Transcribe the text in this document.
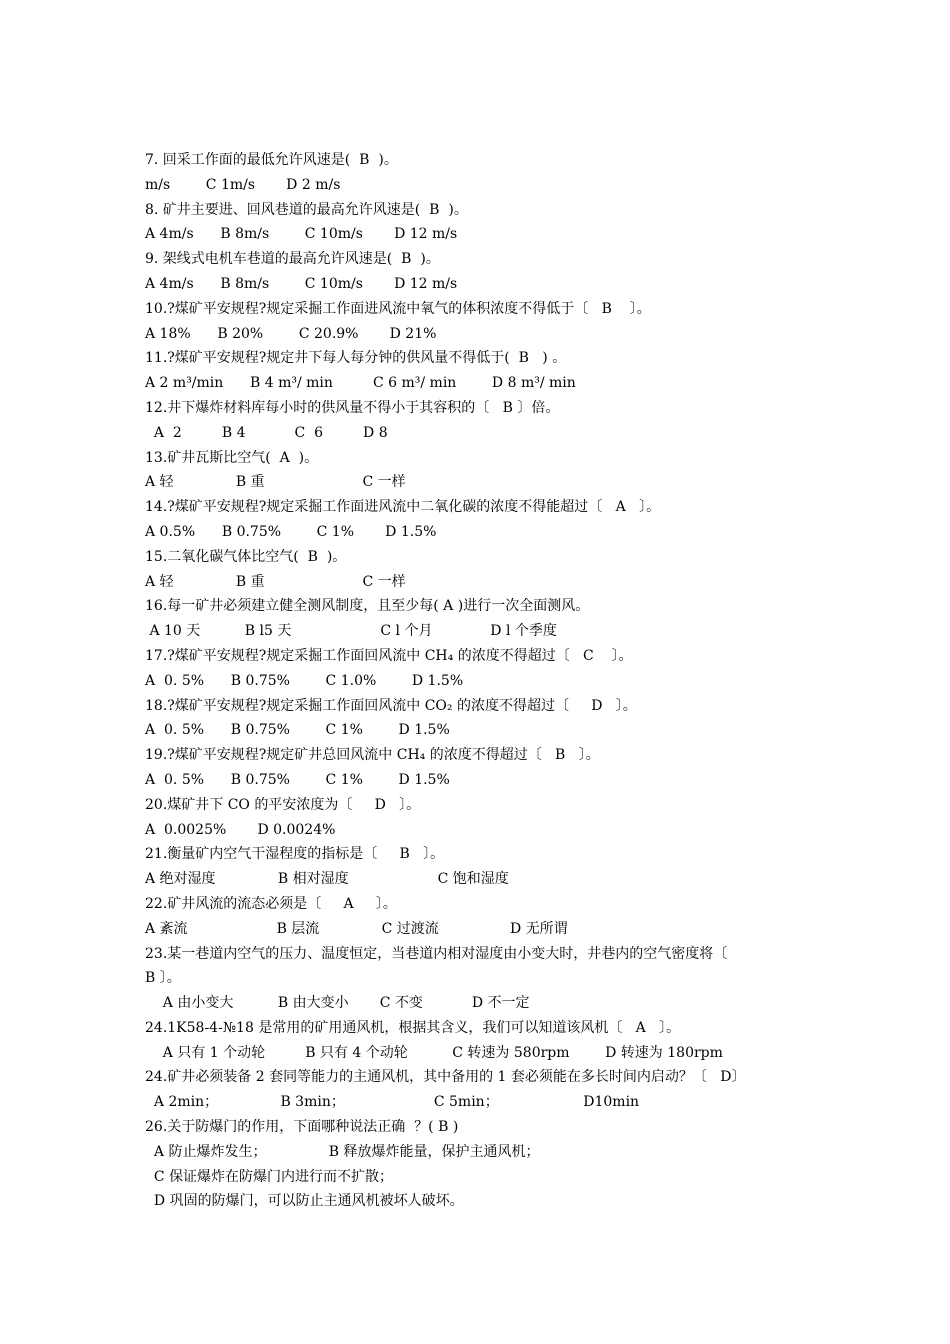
7. 回采工作面的最低允许风速是(  B  )。
m/s        C 1m/s       D 2 m/s
8. 矿井主要进、回风巷道的最高允许风速是(  B  )。
A 4m/s      B 8m/s        C 10m/s       D 12 m/s
9. 架线式电机车巷道的最高允许风速是(  B  )。
A 4m/s      B 8m/s        C 10m/s       D 12 m/s
10.?煤矿平安规程?规定采掘工作面进风流中氧气的体积浓度不得低于〔   B    〕。
A 18%      B 20%        C 20.9%       D 21%
11.?煤矿平安规程?规定井下每人每分钟的供风量不得低于(  B   ) 。
A 2 m³/min      B 4 m³/ min         C 6 m³/ min        D 8 m³/ min
12.井下爆炸材料库每小时的供风量不得小于其容积的〔   B 〕倍。
A  2         B 4           C  6         D 8
13.矿井瓦斯比空气(  A  )。
A 轻              B 重                      C 一样
14.?煤矿平安规程?规定采掘工作面进风流中二氧化碳的浓度不得能超过〔   A   〕。
A 0.5%      B 0.75%        C 1%       D 1.5%
15.二氧化碳气体比空气(  B  )。
A 轻              B 重                      C 一样
16.每一矿井必须建立健全测风制度，且至少每( A )进行一次全面测风。
A 10 天          B l5 天                    C l 个月             D l 个季度
17.?煤矿平安规程?规定采掘工作面回风流中 CH₄ 的浓度不得超过〔   C    〕。
A  0. 5%      B 0.75%        C 1.0%        D 1.5%
18.?煤矿平安规程?规定采掘工作面回风流中 CO₂ 的浓度不得超过〔     D   〕。
A  0. 5%      B 0.75%        C 1%        D 1.5%
19.?煤矿平安规程?规定矿井总回风流中 CH₄ 的浓度不得超过〔   B   〕。
A  0. 5%      B 0.75%        C 1%        D 1.5%
20.煤矿井下 CO 的平安浓度为〔     D   〕。
A  0.0025%       D 0.0024%
21.衡量矿内空气干湿程度的指标是〔     B   〕。
A 绝对湿度              B 相对湿度                    C 饱和湿度
22.矿井风流的流态必须是〔     A     〕。
A 紊流                    B 层流              C 过渡流                D 无所谓
23.某一巷道内空气的压力、温度恒定，当巷道内相对湿度由小变大时，井巷内的空气密度将〔
B 〕。
A 由小变大          B 由大变小       C 不变           D 不一定
24.1K58-4-№18 是常用的矿用通风机，根据其含义，我们可以知道该风机〔   A   〕。
A 只有 1 个动轮         B 只有 4 个动轮          C 转速为 580rpm        D 转速为 180rpm
24.矿井必须装备 2 套同等能力的主通风机，其中备用的 1 套必须能在多长时间内启动？〔   D〕
A 2min；              B 3min；                    C 5min；                   D10min
26.关于防爆门的作用，下面哪种说法正确  ？( B )
A 防止爆炸发生；              B 释放爆炸能量，保护主通风机；
C 保证爆炸在防爆门内进行而不扩散；
D 巩固的防爆门，可以防止主通风机被坏人破坏。
